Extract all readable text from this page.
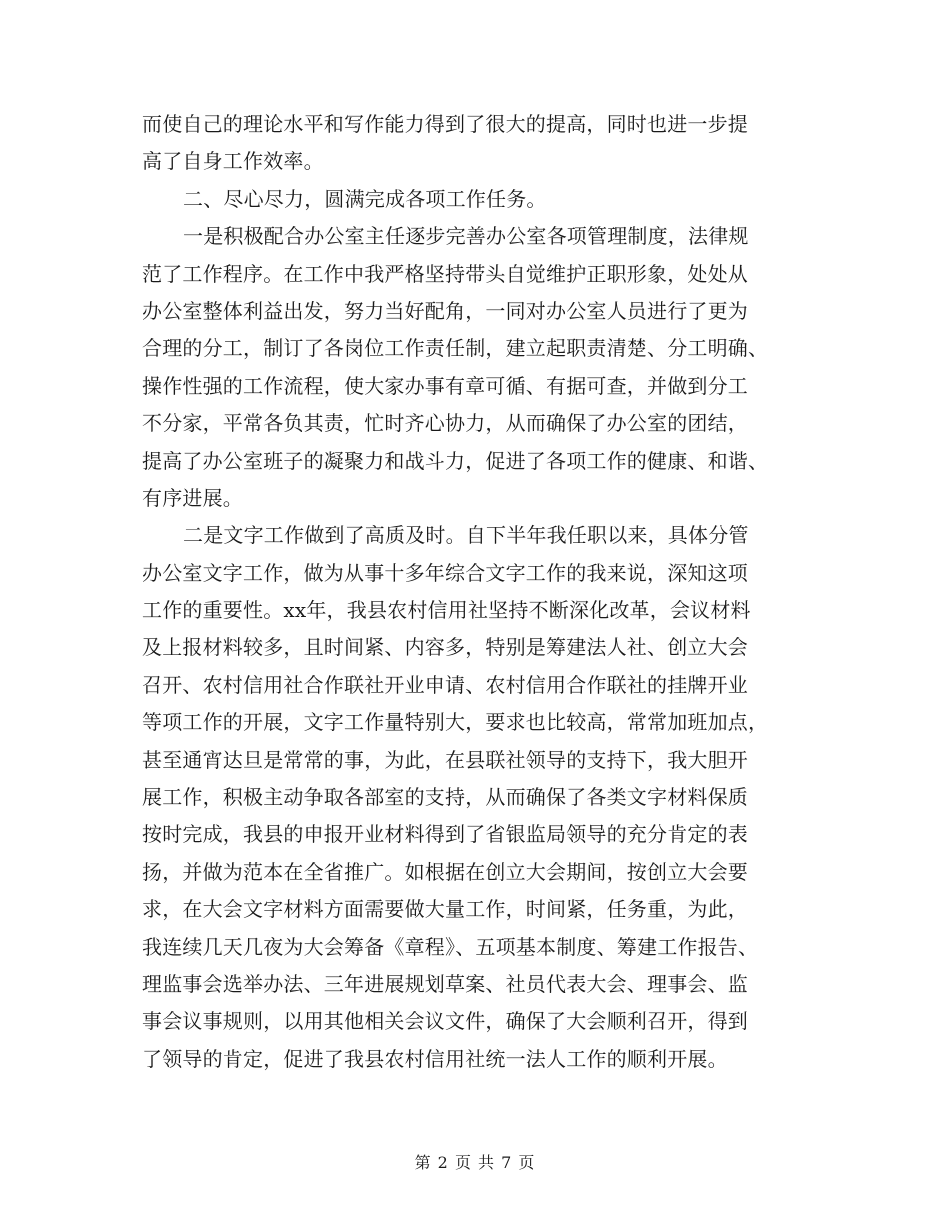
而使自己的理论水平和写作能力得到了很大的提高，同时也进一步提
高了自身工作效率。
二、尽心尽力，圆满完成各项工作任务。
一是积极配合办公室主任逐步完善办公室各项管理制度，法律规
范了工作程序。在工作中我严格坚持带头自觉维护正职形象，处处从
办公室整体利益出发，努力当好配角，一同对办公室人员进行了更为
合理的分工，制订了各岗位工作责任制，建立起职责清楚、分工明确、
操作性强的工作流程，使大家办事有章可循、有据可查，并做到分工
不分家，平常各负其责，忙时齐心协力，从而确保了办公室的团结，
提高了办公室班子的凝聚力和战斗力，促进了各项工作的健康、和谐、
有序进展。
二是文字工作做到了高质及时。自下半年我任职以来，具体分管
办公室文字工作，做为从事十多年综合文字工作的我来说，深知这项
工作的重要性。xx年，我县农村信用社坚持不断深化改革，会议材料
及上报材料较多，且时间紧、内容多，特别是筹建法人社、创立大会
召开、农村信用社合作联社开业申请、农村信用合作联社的挂牌开业
等项工作的开展，文字工作量特别大，要求也比较高，常常加班加点，
甚至通宵达旦是常常的事，为此，在县联社领导的支持下，我大胆开
展工作，积极主动争取各部室的支持，从而确保了各类文字材料保质
按时完成，我县的申报开业材料得到了省银监局领导的充分肯定的表
扬，并做为范本在全省推广。如根据在创立大会期间，按创立大会要
求，在大会文字材料方面需要做大量工作，时间紧，任务重，为此，
我连续几天几夜为大会筹备《章程》、五项基本制度、筹建工作报告、
理监事会选举办法、三年进展规划草案、社员代表大会、理事会、监
事会议事规则，以用其他相关会议文件，确保了大会顺利召开，得到
了领导的肯定，促进了我县农村信用社统一法人工作的顺利开展。
第 2 页 共 7 页
